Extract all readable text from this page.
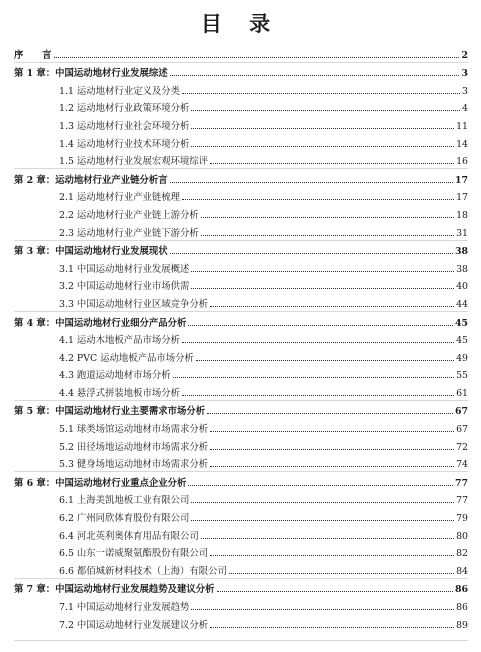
目 录
序　　言	2
第 1 章：中国运动地材行业发展综述	3
1.1 运动地材行业定义及分类	3
1.2 运动地材行业政策环境分析	4
1.3 运动地材行业社会环境分析	11
1.4 运动地材行业技术环境分析	14
1.5 运动地材行业发展宏观环境综评	16
第 2 章：运动地材行业产业链分析言	17
2.1 运动地材行业产业链梳理	17
2.2 运动地材行业产业链上游分析	18
2.3 运动地材行业产业链下游分析	31
第 3 章：中国运动地材行业发展现状	38
3.1 中国运动地材行业发展概述	38
3.2 中国运动地材行业市场供需	40
3.3 中国运动地材行业区域竞争分析	44
第 4 章：中国运动地材行业细分产品分析	45
4.1 运动木地板产品市场分析	45
4.2 PVC 运动地板产品市场分析	49
4.3 跑道运动地材市场分析	55
4.4 悬浮式拼装地板市场分析	61
第 5 章：中国运动地材行业主要需求市场分析	67
5.1 球类场馆运动地材市场需求分析	67
5.2 田径场地运动地材市场需求分析	72
5.3 健身场地运动地材市场需求分析	74
第 6 章：中国运动地材行业重点企业分析	77
6.1 上海美凯地板工业有限公司	77
6.2 广州同欣体育股份有限公司	79
6.4 河北英利奥体育用品有限公司	80
6.5 山东一诺威聚氨酯股份有限公司	82
6.6 都佰城新材料技术（上海）有限公司	84
第 7 章：中国运动地材行业发展趋势及建议分析	86
7.1 中国运动地材行业发展趋势	86
7.2 中国运动地材行业发展建议分析	89
